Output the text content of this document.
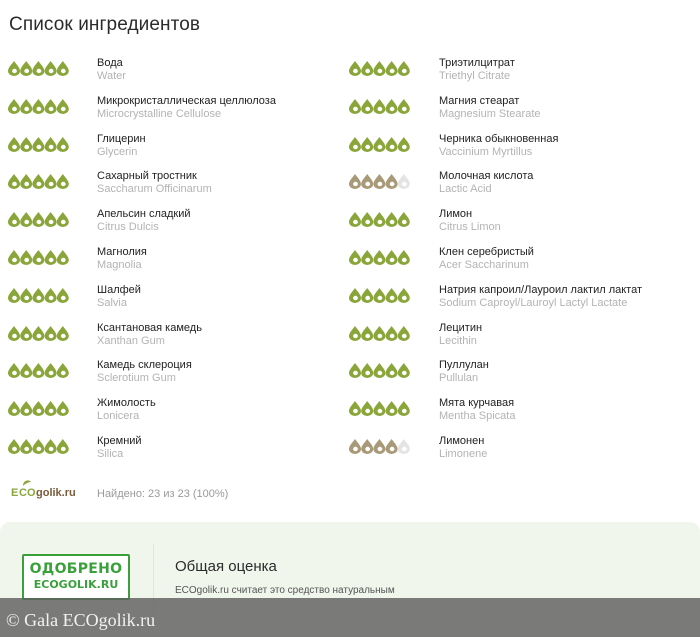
Список ингредиентов
Вода
Water
Микрокристаллическая целлюлоза
Microcrystalline Cellulose
Глицерин
Glycerin
Сахарный тростник
Saccharum Officinarum
Апельсин сладкий
Citrus Dulcis
Магнолия
Magnolia
Шалфей
Salvia
Ксантановая камедь
Xanthan Gum
Камедь склероция
Sclerotium Gum
Жимолость
Lonicera
Кремний
Silica
Триэтилцитрат
Triethyl Citrate
Магния стеарат
Magnesium Stearate
Черника обыкновенная
Vaccinium Myrtillus
Молочная кислота
Lactic Acid
Лимон
Citrus Limon
Клен серебристый
Acer Saccharinum
Натрия капроил/Лауроил лактил лактат
Sodium Caproyl/Lauroyl Lactyl Lactate
Лецитин
Lecithin
Пуллулан
Pullulan
Мята курчавая
Mentha Spicata
Лимонен
Limonene
E CO golik.ru Найдено: 23 из 23 (100%)
ОДОБРЕНО
ECOGOLIK.RU
Общая оценка
ECOgolik.ru считает это средство натуральным
© Gala ECOgolik.ru
